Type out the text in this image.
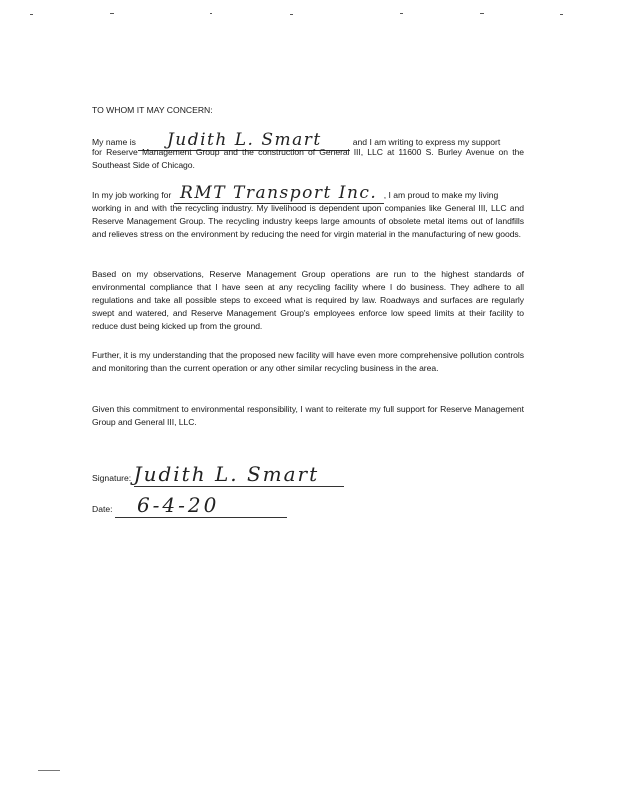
TO WHOM IT MAY CONCERN:
My name is Judith L. Smart	and I am writing to express my support
for Reserve Management Group and the construction of General III, LLC at 11600 S. Burley Avenue on the Southeast Side of Chicago.
In my job working for RMT Transport Inc. , I am proud to make my living
working in and with the recycling industry. My livelihood is dependent upon companies like General III, LLC and Reserve Management Group. The recycling industry keeps large amounts of obsolete metal items out of landfills and relieves stress on the environment by reducing the need for virgin material in the manufacturing of new goods.
Based on my observations, Reserve Management Group operations are run to the highest standards of environmental compliance that I have seen at any recycling facility where I do business. They adhere to all regulations and take all possible steps to exceed what is required by law. Roadways and surfaces are regularly swept and watered, and Reserve Management Group's employees enforce low speed limits at their facility to reduce dust being kicked up from the ground.
Further, it is my understanding that the proposed new facility will have even more comprehensive pollution controls and monitoring than the current operation or any other similar recycling business in the area.
Given this commitment to environmental responsibility, I want to reiterate my full support for Reserve Management Group and General III, LLC.
Signature: Judith L. Smart
Date: 6-4-20
